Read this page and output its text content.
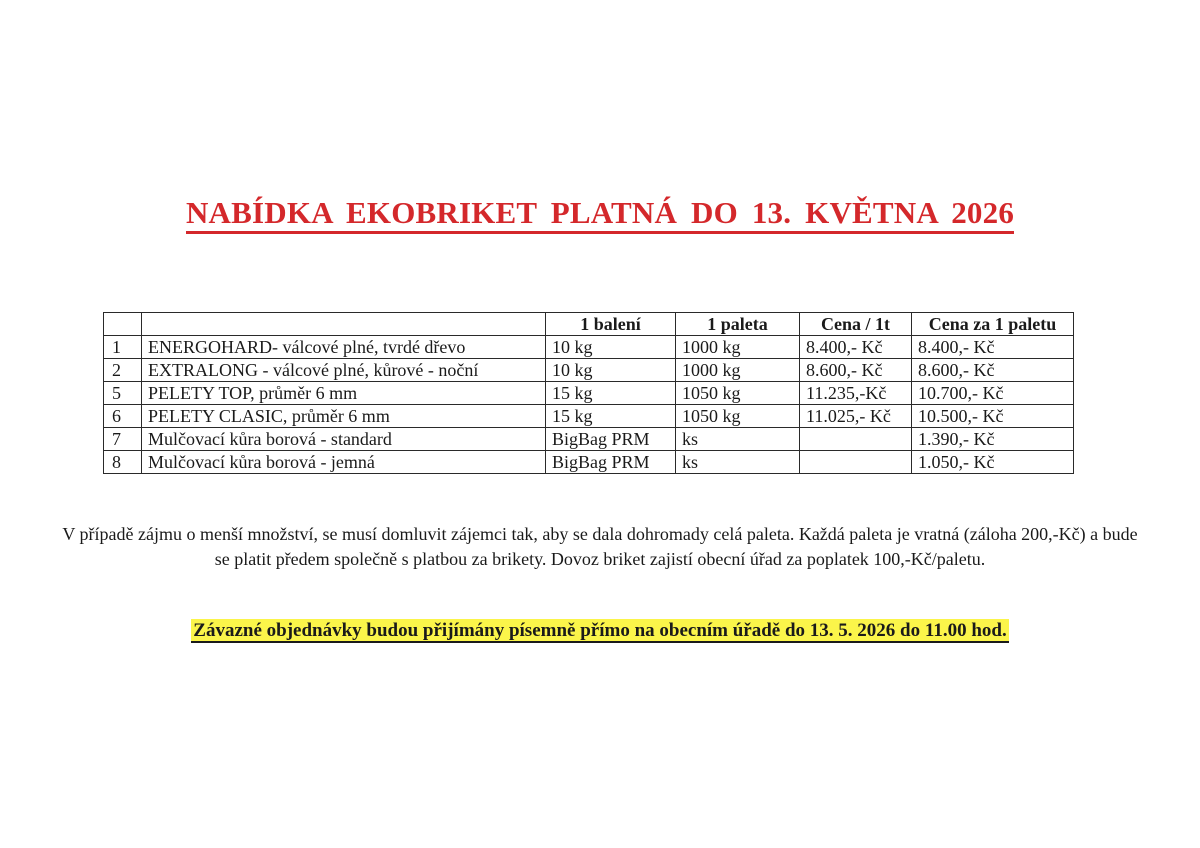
NABÍDKA EKOBRIKET PLATNÁ DO 13. KVĚTNA 2026
		1 balení	1 paleta	Cena / 1t	Cena za 1 paletu
1	ENERGOHARD- válcové plné, tvrdé dřevo	10 kg	1000 kg	8.400,- Kč	8.400,- Kč
2	EXTRALONG - válcové plné, kůrové - noční	10 kg	1000 kg	8.600,- Kč	8.600,- Kč
5	PELETY TOP, průměr 6 mm	15 kg	1050 kg	11.235,-Kč	10.700,- Kč
6	PELETY CLASIC, průměr 6 mm	15 kg	1050 kg	11.025,- Kč	10.500,- Kč
7	Mulčovací kůra borová - standard	BigBag PRM	ks		1.390,- Kč
8	Mulčovací kůra borová - jemná	BigBag PRM	ks		1.050,- Kč
V případě zájmu o menší množství, se musí domluvit zájemci tak, aby se dala dohromady celá paleta. Každá paleta je vratná (záloha 200,-Kč) a bude se platit předem společně s platbou za brikety. Dovoz briket zajistí obecní úřad za poplatek 100,-Kč/paletu.
Závazné objednávky budou přijímány písemně přímo na obecním úřadě do 13. 5. 2026 do 11.00 hod.
